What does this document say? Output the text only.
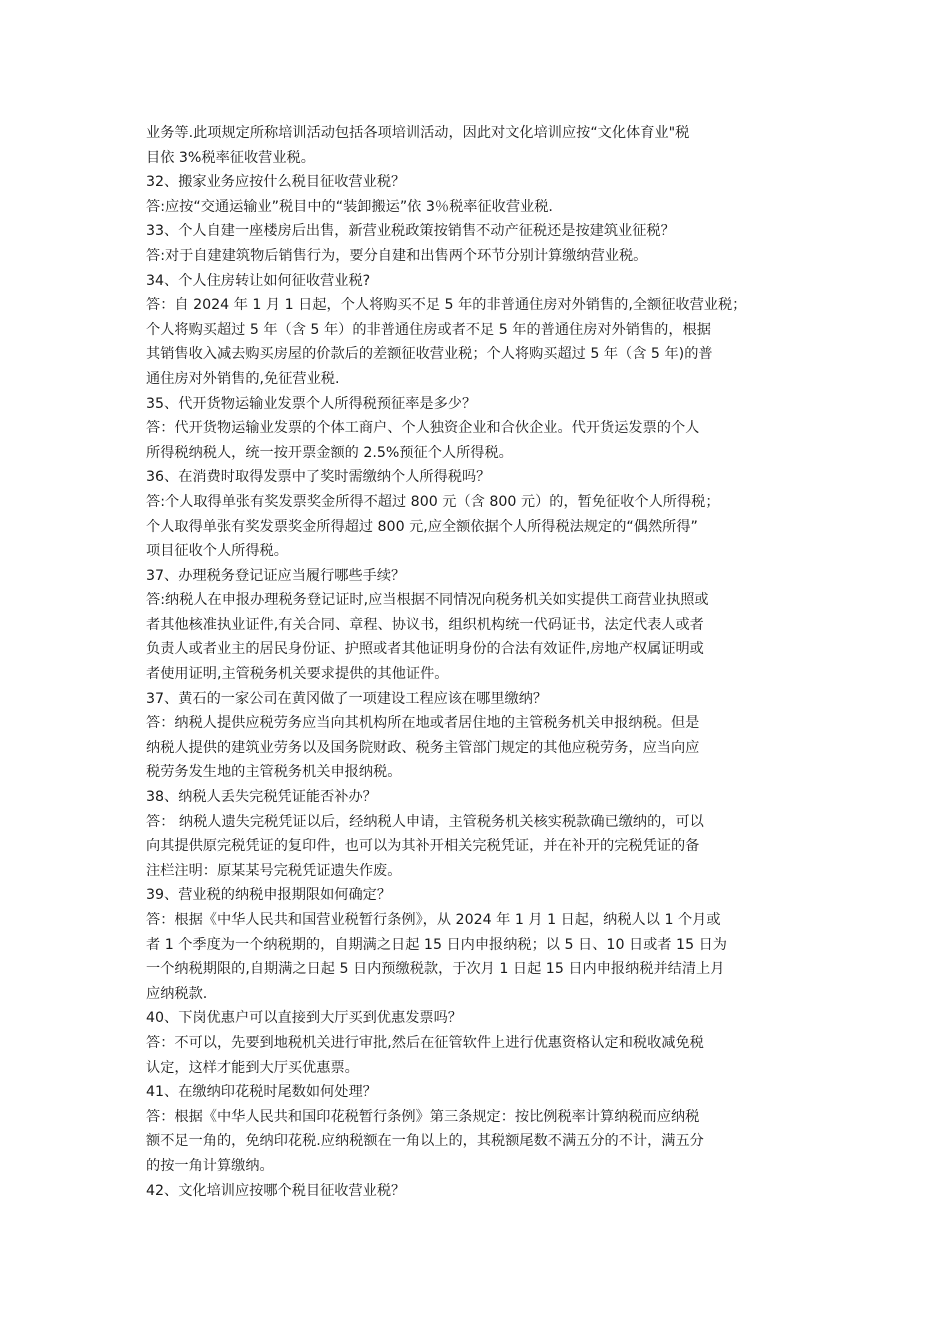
业务等.此项规定所称培训活动包括各项培训活动，因此对文化培训应按“文化体育业"税
目依 3%税率征收营业税。
32、搬家业务应按什么税目征收营业税？
答:应按“交通运输业”税目中的“装卸搬运”依 3％税率征收营业税.
33、个人自建一座楼房后出售，新营业税政策按销售不动产征税还是按建筑业征税？
答:对于自建建筑物后销售行为，要分自建和出售两个环节分别计算缴纳营业税。
34、个人住房转让如何征收营业税?
答：自 2024 年 1 月 1 日起，个人将购买不足 5 年的非普通住房对外销售的,全额征收营业税；
个人将购买超过 5 年（含 5 年）的非普通住房或者不足 5 年的普通住房对外销售的，根据
其销售收入减去购买房屋的价款后的差额征收营业税；个人将购买超过 5 年（含 5 年)的普
通住房对外销售的,免征营业税.
35、代开货物运输业发票个人所得税预征率是多少？
答：代开货物运输业发票的个体工商户、个人独资企业和合伙企业。代开货运发票的个人
所得税纳税人，统一按开票金额的 2.5%预征个人所得税。
36、在消费时取得发票中了奖时需缴纳个人所得税吗？
答:个人取得单张有奖发票奖金所得不超过 800 元（含 800 元）的，暂免征收个人所得税；
个人取得单张有奖发票奖金所得超过 800 元,应全额依据个人所得税法规定的“偶然所得”
项目征收个人所得税。
37、办理税务登记证应当履行哪些手续？
答:纳税人在申报办理税务登记证时,应当根据不同情况向税务机关如实提供工商营业执照或
者其他核准执业证件,有关合同、章程、协议书，组织机构统一代码证书，法定代表人或者
负责人或者业主的居民身份证、护照或者其他证明身份的合法有效证件,房地产权属证明或
者使用证明,主管税务机关要求提供的其他证件。
37、黄石的一家公司在黄冈做了一项建设工程应该在哪里缴纳？
答：纳税人提供应税劳务应当向其机构所在地或者居住地的主管税务机关申报纳税。但是
纳税人提供的建筑业劳务以及国务院财政、税务主管部门规定的其他应税劳务，应当向应
税劳务发生地的主管税务机关申报纳税。
38、纳税人丢失完税凭证能否补办？
答： 纳税人遗失完税凭证以后，经纳税人申请，主管税务机关核实税款确已缴纳的，可以
向其提供原完税凭证的复印件，也可以为其补开相关完税凭证，并在补开的完税凭证的备
注栏注明：原某某号完税凭证遗失作废。
39、营业税的纳税申报期限如何确定？
答：根据《中华人民共和国营业税暂行条例》，从 2024 年 1 月 1 日起，纳税人以 1 个月或
者 1 个季度为一个纳税期的，自期满之日起 15 日内申报纳税；以 5 日、10 日或者 15 日为
一个纳税期限的,自期满之日起 5 日内预缴税款，于次月 1 日起 15 日内申报纳税并结清上月
应纳税款.
40、下岗优惠户可以直接到大厅买到优惠发票吗？
答：不可以，先要到地税机关进行审批,然后在征管软件上进行优惠资格认定和税收减免税
认定，这样才能到大厅买优惠票。
41、在缴纳印花税时尾数如何处理？
答：根据《中华人民共和国印花税暂行条例》第三条规定：按比例税率计算纳税而应纳税
额不足一角的，免纳印花税.应纳税额在一角以上的，其税额尾数不满五分的不计，满五分
的按一角计算缴纳。
42、文化培训应按哪个税目征收营业税？
